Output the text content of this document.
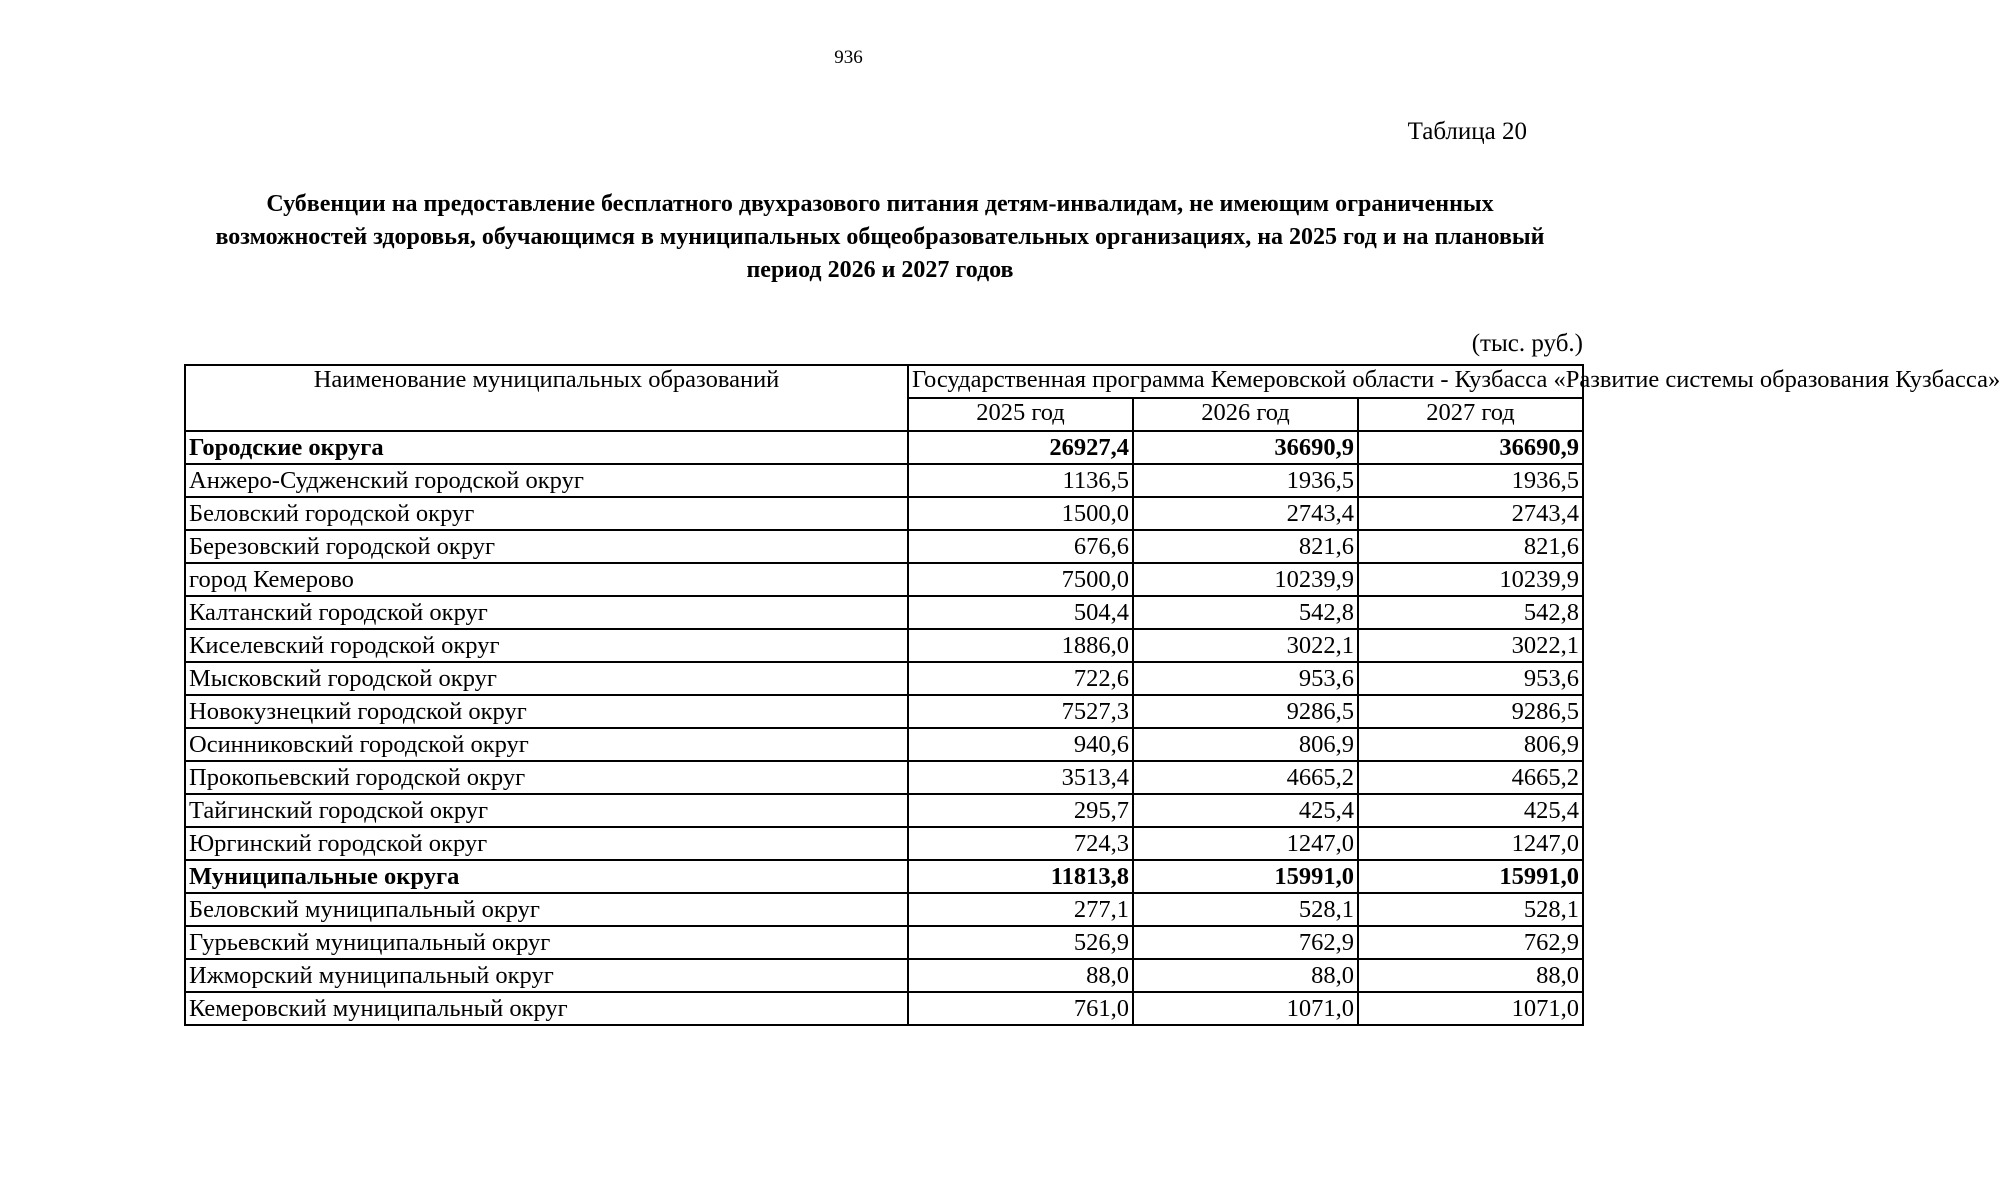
936
Таблица 20
Субвенции на предоставление бесплатного двухразового питания детям-инвалидам, не имеющим ограниченных возможностей здоровья, обучающимся в муниципальных общеобразовательных организациях, на 2025 год и на плановый период 2026 и 2027 годов
(тыс. руб.)
Наименование муниципальных образований	Государственная программа Кемеровской области - Кузбасса «Развитие системы образования Кузбасса»		
	2025 год	2026 год	2027 год
Городские округа	26927,4	36690,9	36690,9
Анжеро-Судженский городской округ	1136,5	1936,5	1936,5
Беловский городской округ	1500,0	2743,4	2743,4
Березовский городской округ	676,6	821,6	821,6
город Кемерово	7500,0	10239,9	10239,9
Калтанский городской округ	504,4	542,8	542,8
Киселевский городской округ	1886,0	3022,1	3022,1
Мысковский городской округ	722,6	953,6	953,6
Новокузнецкий городской округ	7527,3	9286,5	9286,5
Осинниковский городской округ	940,6	806,9	806,9
Прокопьевский городской округ	3513,4	4665,2	4665,2
Тайгинский городской округ	295,7	425,4	425,4
Юргинский городской округ	724,3	1247,0	1247,0
Муниципальные округа	11813,8	15991,0	15991,0
Беловский муниципальный округ	277,1	528,1	528,1
Гурьевский муниципальный округ	526,9	762,9	762,9
Ижморский муниципальный округ	88,0	88,0	88,0
Кемеровский муниципальный округ	761,0	1071,0	1071,0
